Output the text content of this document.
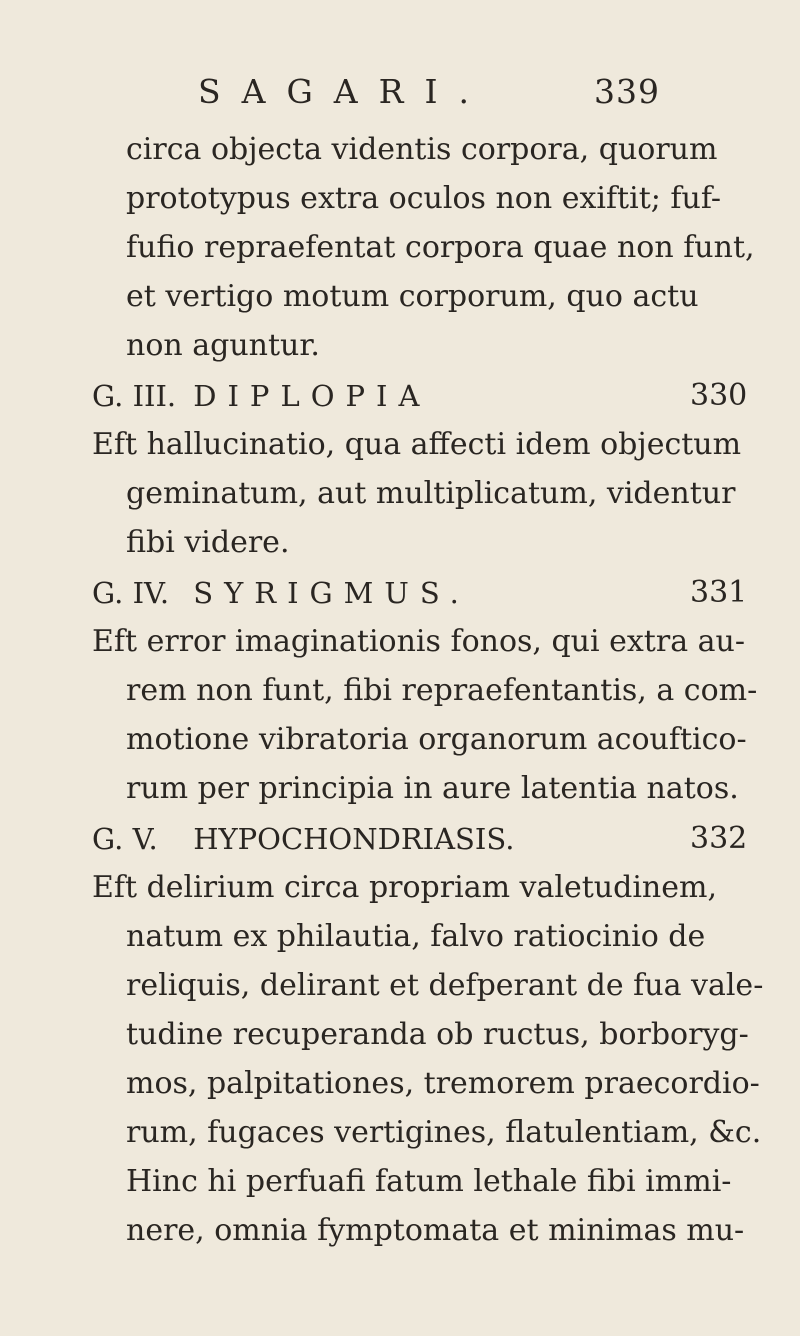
SAGARI.	339
circa objecta videntis corpora, quorum
prototypus extra oculos non exiftit; fuf-
fufio repraefentat corpora quae non funt,
et vertigo motum corporum, quo actu
non aguntur.
G. III. DIPLOPIA	330
Eft hallucinatio, qua affecti idem objectum
geminatum, aut multiplicatum, videntur
fibi videre.
G. IV. SYRIGMUS.	331
Eft error imaginationis fonos, qui extra au-
rem non funt, fibi repraefentantis, a com-
motione vibratoria organorum acouftico-
rum per principia in aure latentia natos.
G. V. HYPOCHONDRIASIS.	332
Eft delirium circa propriam valetudinem,
natum ex philautia, falvo ratiocinio de
reliquis, delirant et defperant de fua vale-
tudine recuperanda ob ructus, borboryg-
mos, palpitationes, tremorem praecordio-
rum, fugaces vertigines, flatulentiam, &c.
Hinc hi perfuafi fatum lethale fibi immi-
nere, omnia fymptomata et minimas mu-
